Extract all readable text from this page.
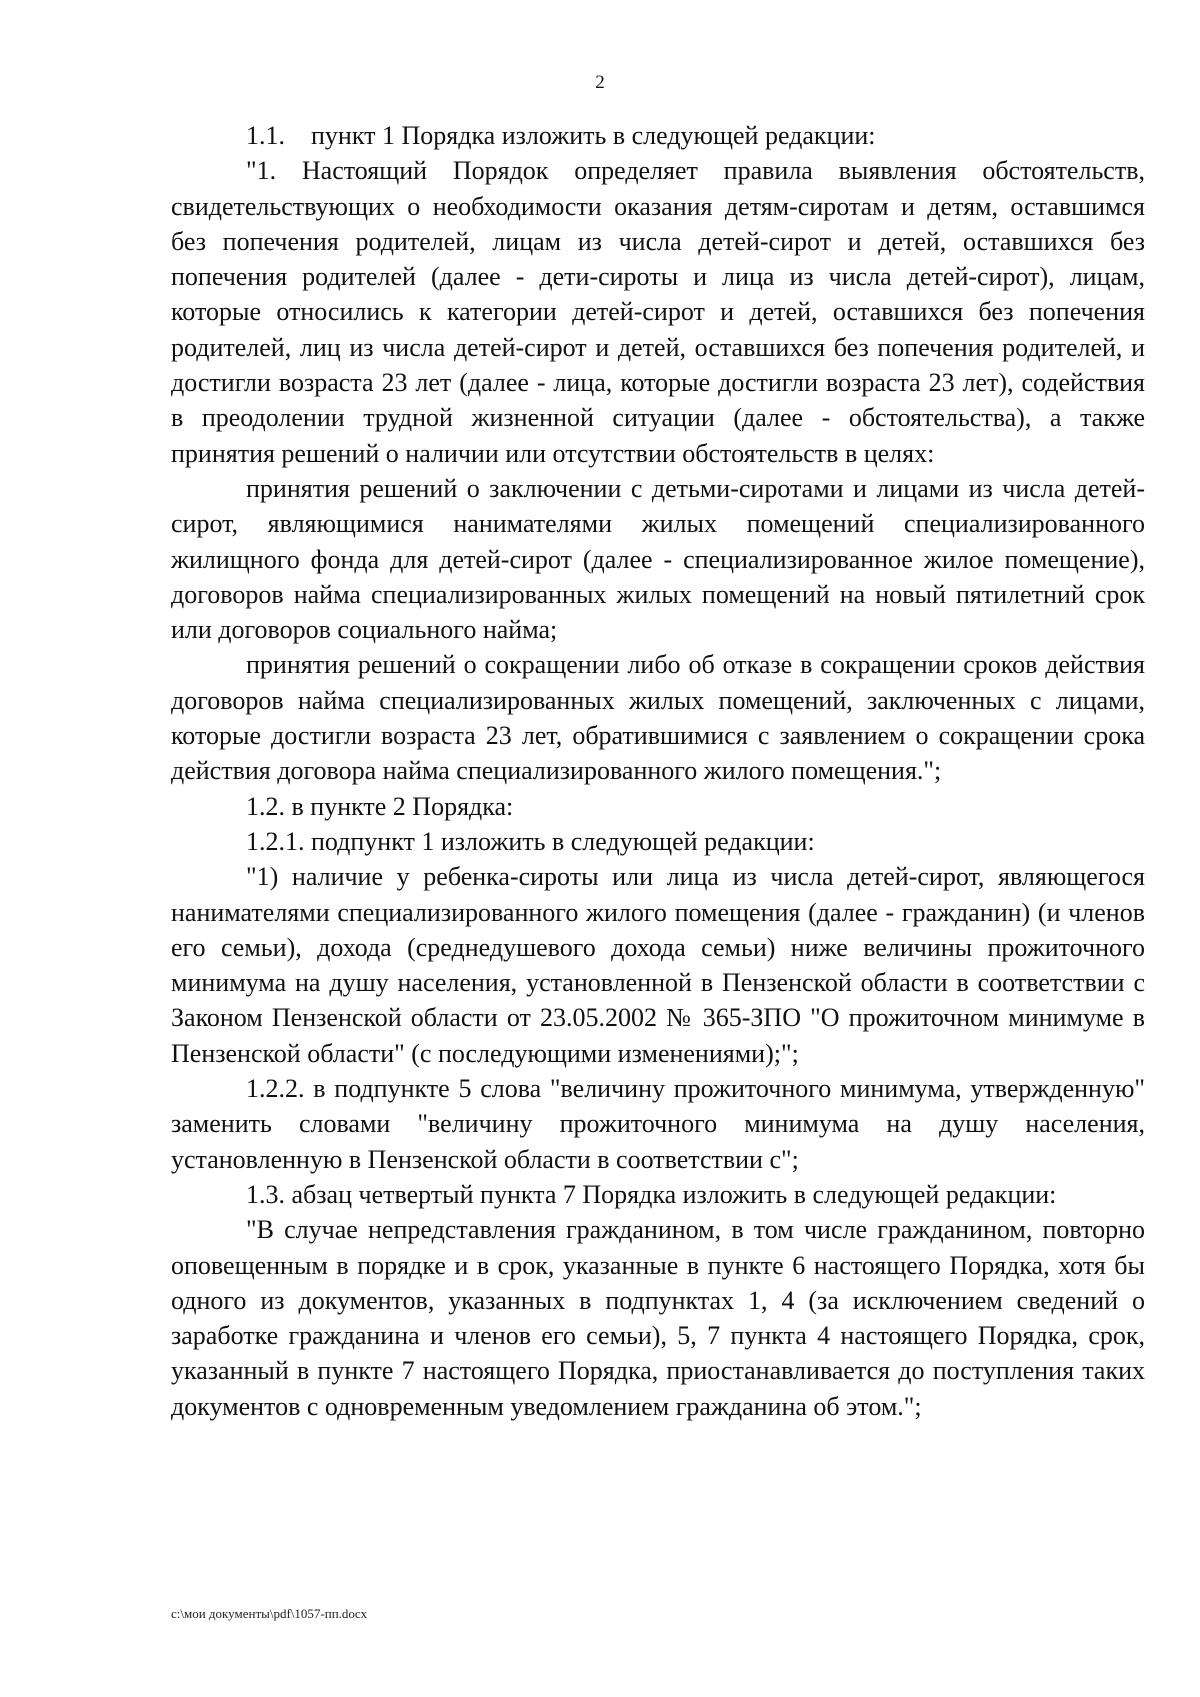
2

1.1. пункт 1 Порядка изложить в следующей редакции:

"1. Настоящий Порядок определяет правила выявления обстоятельств, свидетельствующих о необходимости оказания детям-сиротам и детям, оставшимся без попечения родителей, лицам из числа детей-сирот и детей, оставшихся без попечения родителей (далее - дети-сироты и лица из числа детей-сирот), лицам, которые относились к категории детей-сирот и детей, оставшихся без попечения родителей, лиц из числа детей-сирот и детей, оставшихся без попечения родителей, и достигли возраста 23 лет (далее - лица, которые достигли возраста 23 лет), содействия в преодолении трудной жизненной ситуации (далее - обстоятельства), а также принятия решений о наличии или отсутствии обстоятельств в целях:

принятия решений о заключении с детьми-сиротами и лицами из числа детей-сирот, являющимися нанимателями жилых помещений специализированного жилищного фонда для детей-сирот (далее - специализированное жилое помещение), договоров найма специализированных жилых помещений на новый пятилетний срок или договоров социального найма;

принятия решений о сокращении либо об отказе в сокращении сроков действия договоров найма специализированных жилых помещений, заключенных с лицами, которые достигли возраста 23 лет, обратившимися с заявлением о сокращении срока действия договора найма специализированного жилого помещения.";

1.2. в пункте 2 Порядка:

1.2.1. подпункт 1 изложить в следующей редакции:

"1) наличие у ребенка-сироты или лица из числа детей-сирот, являющегося нанимателями специализированного жилого помещения (далее - гражданин) (и членов его семьи), дохода (среднедушевого дохода семьи) ниже величины прожиточного минимума на душу населения, установленной в Пензенской области в соответствии с Законом Пензенской области от 23.05.2002 № 365-ЗПО "О прожиточном минимуме в Пензенской области" (с последующими изменениями);";

1.2.2. в подпункте 5 слова "величину прожиточного минимума, утвержденную" заменить словами "величину прожиточного минимума на душу населения, установленную в Пензенской области в соответствии с";

1.3. абзац четвертый пункта 7 Порядка изложить в следующей редакции:

"В случае непредставления гражданином, в том числе гражданином, повторно оповещенным в порядке и в срок, указанные в пункте 6 настоящего Порядка, хотя бы одного из документов, указанных в подпунктах 1, 4 (за исключением сведений о заработке гражданина и членов его семьи), 5, 7 пункта 4 настоящего Порядка, срок, указанный в пункте 7 настоящего Порядка, приостанавливается до поступления таких документов с одновременным уведомлением гражданина об этом.";

c:\мои документы\pdf\1057-пп.docx
